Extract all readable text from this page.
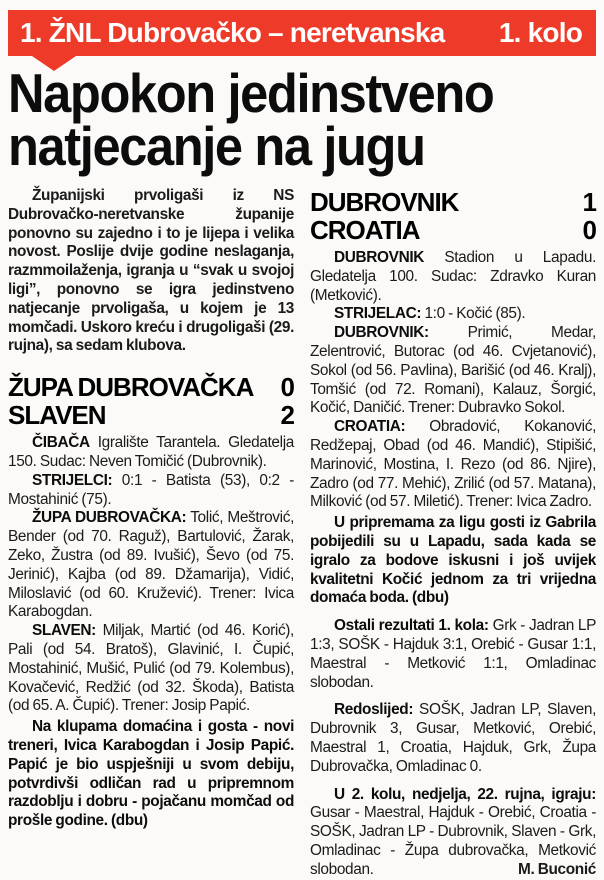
1. ŽNL Dubrovačko – neretvanska 1. kolo
Napokon jedinstveno
natjecanje na jugu

Županijski prvoligaši iz NS Dubrovačko-neretvanske županije ponovno su zajedno i to je lijepa i velika novost. Poslije dvije godine neslaganja, razmmoilaženja, igranja u “svak u svojoj ligi”, ponovno se igra jedinstveno natjecanje prvoligaša, u kojem je 13 momčadi. Uskoro kreću i drugoligaši (29. rujna), sa sedam klubova.

ŽUPA DUBROVAČKA 0
SLAVEN	2

ČIBAČA Igralište Tarantela. Gledatelja 150. Sudac: Neven Tomičić (Dubrovnik).

STRIJELCI: 0:1 - Batista (53), 0:2 - Mostahinić (75).

ŽUPA DUBROVAČKA: Tolić, Meštrović, Bender (od 70. Raguž), Bartulović, Žarak, Zeko, Žustra (od 89. Ivušić), Ševo (od 75. Jerinić), Kajba (od 89. Džamarija), Vidić, Miloslavić (od 60. Kružević). Trener: Ivica Karabogdan.

SLAVEN: Miljak, Martić (od 46. Korić), Pali (od 54. Bratoš), Glavinić, I. Čupić, Mostahinić, Mušić, Pulić (od 79. Kolembus), Kovačević, Redžić (od 32. Škoda), Batista (od 65. A. Čupić). Trener: Josip Papić.

Na klupama domaćina i gosta - novi treneri, Ivica Karabogdan i Josip Papić. Papić je bio uspješniji u svom debiju, potvrdivši odličan rad u pripremnom razdoblju i dobru - pojačanu momčad od prošle godine. (dbu)

DUBROVNIK	1
CROATIA	0

DUBROVNIK Stadion u Lapadu. Gledatelja 100. Sudac: Zdravko Kuran (Metković).

STRIJELAC: 1:0 - Kočić (85).

DUBROVNIK: Primić, Medar, Zelentrović, Butorac (od 46. Cvjetanović), Sokol (od 56. Pavlina), Barišić (od 46. Kralj), Tomšić (od 72. Romani), Kalauz, Šorgić, Kočić, Daničić. Trener: Dubravko Sokol.

CROATIA: Obradović, Kokanović, Redžepaj, Obad (od 46. Mandić), Stipišić, Marinović, Mostina, I. Rezo (od 86. Njire), Zadro (od 77. Mehić), Zrilić (od 57. Matana), Milković (od 57. Miletić). Trener: Ivica Zadro.

U pripremama za ligu gosti iz Gabrila pobijedili su u Lapadu, sada kada se igralo za bodove iskusni i još uvijek kvalitetni Kočić jednom za tri vrijedna domaća boda. (dbu)

Ostali rezultati 1. kola: Grk - Jadran LP 1:3, SOŠK - Hajduk 3:1, Orebić - Gusar 1:1, Maestral - Metković 1:1, Omladinac slobodan.

Redoslijed: SOŠK, Jadran LP, Slaven, Dubrovnik 3, Gusar, Metković, Orebić, Maestral 1, Croatia, Hajduk, Grk, Župa Dubrovačka, Omladinac 0.

U 2. kolu, nedjelja, 22. rujna, igraju: Gusar - Maestral, Hajduk - Orebić, Croatia - SOŠK, Jadran LP - Dubrovnik, Slaven - Grk, Omladinac - Župa dubrovačka, Metković slobodan.	M. Buconić
